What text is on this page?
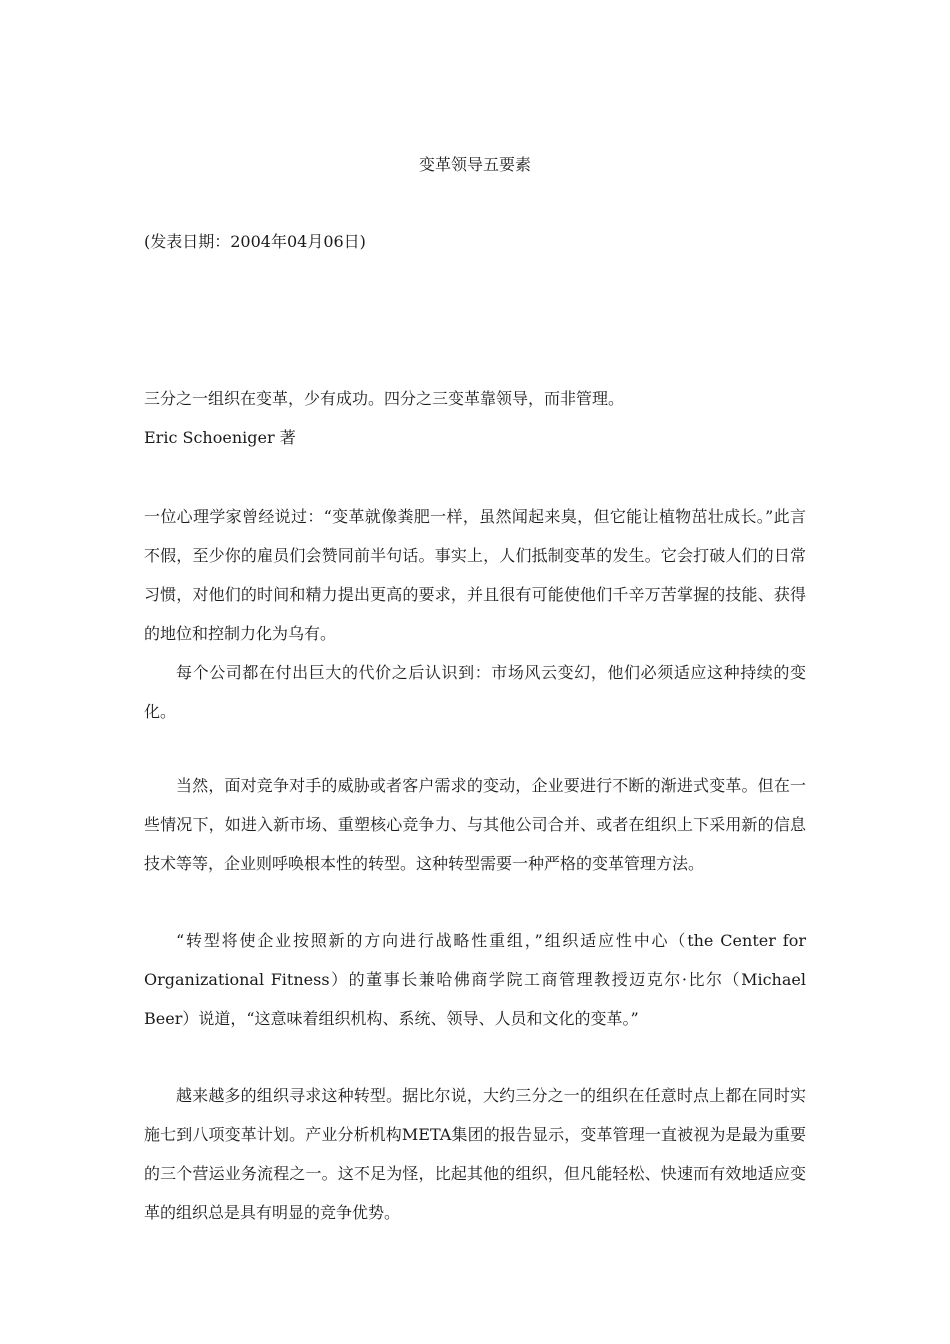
变革领导五要素
(发表日期：2004年04月06日)
三分之一组织在变革，少有成功。四分之三变革靠领导，而非管理。
Eric Schoeniger 著

一位心理学家曾经说过：“变革就像粪肥一样，虽然闻起来臭，但它能让植物茁壮成长。”此言不假，至少你的雇员们会赞同前半句话。事实上，人们抵制变革的发生。它会打破人们的日常习惯，对他们的时间和精力提出更高的要求，并且很有可能使他们千辛万苦掌握的技能、获得的地位和控制力化为乌有。

每个公司都在付出巨大的代价之后认识到：市场风云变幻，他们必须适应这种持续的变化。

当然，面对竞争对手的威胁或者客户需求的变动，企业要进行不断的渐进式变革。但在一些情况下，如进入新市场、重塑核心竞争力、与其他公司合并、或者在组织上下采用新的信息技术等等，企业则呼唤根本性的转型。这种转型需要一种严格的变革管理方法。

“转型将使企业按照新的方向进行战略性重组，”组织适应性中心（the Center for Organizational Fitness）的董事长兼哈佛商学院工商管理教授迈克尔·比尔（Michael Beer）说道，“这意味着组织机构、系统、领导、人员和文化的变革。”

越来越多的组织寻求这种转型。据比尔说，大约三分之一的组织在任意时点上都在同时实施七到八项变革计划。产业分析机构META集团的报告显示，变革管理一直被视为是最为重要的三个营运业务流程之一。这不足为怪，比起其他的组织，但凡能轻松、快速而有效地适应变革的组织总是具有明显的竞争优势。
